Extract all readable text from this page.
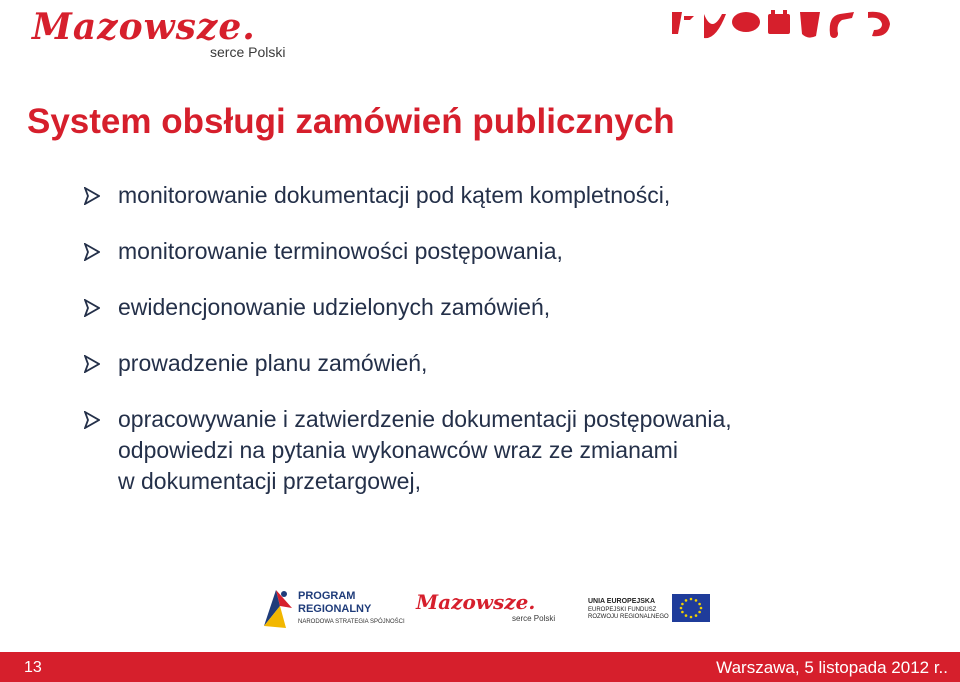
Mazowsze.
serce Polski
System obsługi zamówień publicznych
monitorowanie dokumentacji pod kątem kompletności,
monitorowanie terminowości postępowania,
ewidencjonowanie udzielonych zamówień,
prowadzenie planu zamówień,
opracowywanie i zatwierdzenie dokumentacji postępowania,
odpowiedzi na pytania wykonawców wraz ze zmianami
w dokumentacji przetargowej,
PROGRAM
REGIONALNY
NARODOWA STRATEGIA SPÓJNOŚCI
Mazowsze.
serce Polski
UNIA EUROPEJSKA
EUROPEJSKI FUNDUSZ
ROZWOJU REGIONALNEGO
13	Warszawa, 5 listopada 2012 r..
